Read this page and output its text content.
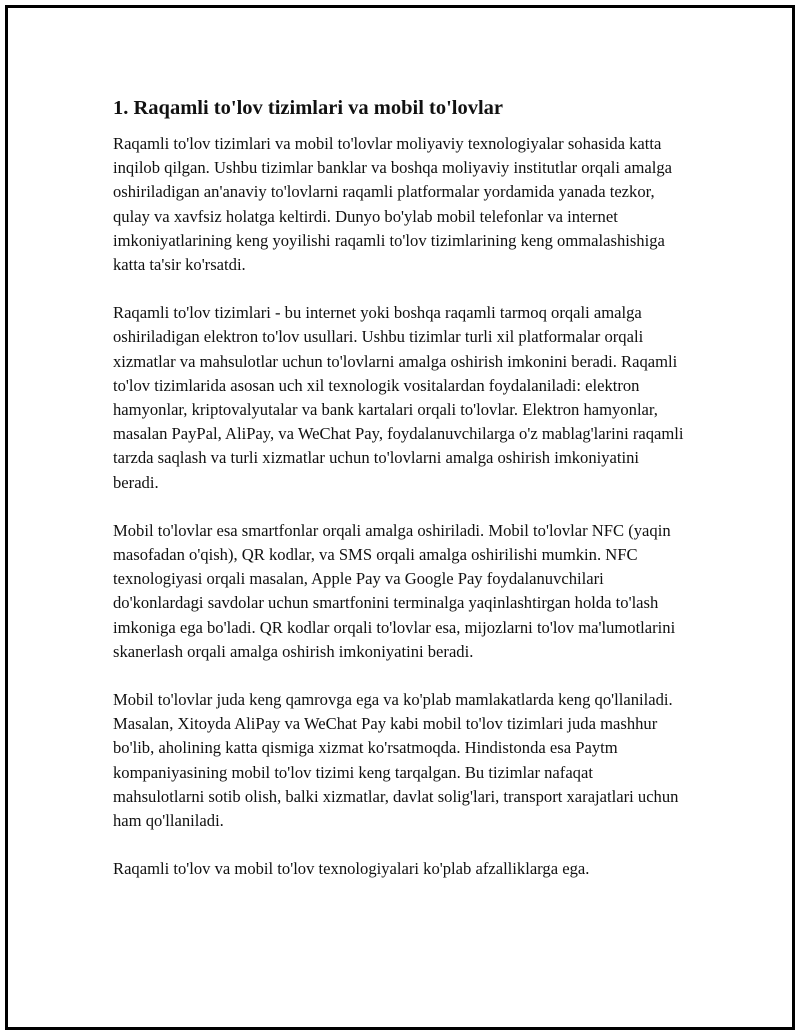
1. Raqamli to'lov tizimlari va mobil to'lovlar

Raqamli to'lov tizimlari va mobil to'lovlar moliyaviy texnologiyalar sohasida katta inqilob qilgan. Ushbu tizimlar banklar va boshqa moliyaviy institutlar orqali amalga oshiriladigan an'anaviy to'lovlarni raqamli platformalar yordamida yanada tezkor, qulay va xavfsiz holatga keltirdi. Dunyo bo'ylab mobil telefonlar va internet imkoniyatlarining keng yoyilishi raqamli to'lov tizimlarining keng ommalashishiga katta ta'sir ko'rsatdi.

Raqamli to'lov tizimlari - bu internet yoki boshqa raqamli tarmoq orqali amalga oshiriladigan elektron to'lov usullari. Ushbu tizimlar turli xil platformalar orqali xizmatlar va mahsulotlar uchun to'lovlarni amalga oshirish imkonini beradi. Raqamli to'lov tizimlarida asosan uch xil texnologik vositalardan foydalaniladi: elektron hamyonlar, kriptovalyutalar va bank kartalari orqali to'lovlar. Elektron hamyonlar, masalan PayPal, AliPay, va WeChat Pay, foydalanuvchilarga o'z mablag'larini raqamli tarzda saqlash va turli xizmatlar uchun to'lovlarni amalga oshirish imkoniyatini beradi.

Mobil to'lovlar esa smartfonlar orqali amalga oshiriladi. Mobil to'lovlar NFC (yaqin masofadan o'qish), QR kodlar, va SMS orqali amalga oshirilishi mumkin. NFC texnologiyasi orqali masalan, Apple Pay va Google Pay foydalanuvchilari do'konlardagi savdolar uchun smartfonini terminalga yaqinlashtirgan holda to'lash imkoniga ega bo'ladi. QR kodlar orqali to'lovlar esa, mijozlarni to'lov ma'lumotlarini skanerlash orqali amalga oshirish imkoniyatini beradi.

Mobil to'lovlar juda keng qamrovga ega va ko'plab mamlakatlarda keng qo'llaniladi. Masalan, Xitoyda AliPay va WeChat Pay kabi mobil to'lov tizimlari juda mashhur bo'lib, aholining katta qismiga xizmat ko'rsatmoqda. Hindistonda esa Paytm kompaniyasining mobil to'lov tizimi keng tarqalgan. Bu tizimlar nafaqat mahsulotlarni sotib olish, balki xizmatlar, davlat solig'lari, transport xarajatlari uchun ham qo'llaniladi.

Raqamli to'lov va mobil to'lov texnologiyalari ko'plab afzalliklarga ega.
